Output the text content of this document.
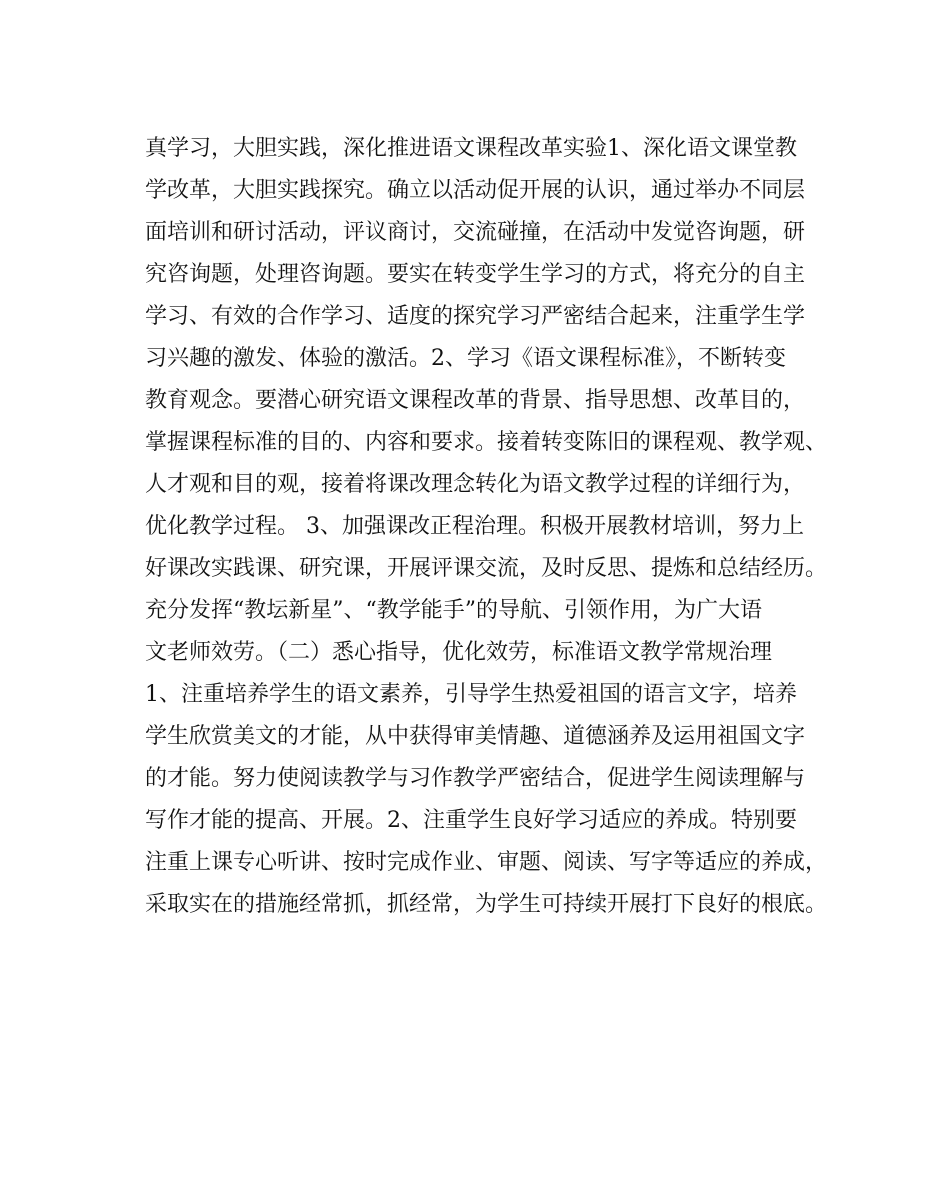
真学习，大胆实践，深化推进语文课程改革实验1、深化语文课堂教
学改革，大胆实践探究。确立以活动促开展的认识，通过举办不同层
面培训和研讨活动，评议商讨，交流碰撞，在活动中发觉咨询题，研
究咨询题，处理咨询题。要实在转变学生学习的方式，将充分的自主
学习、有效的合作学习、适度的探究学习严密结合起来，注重学生学
习兴趣的激发、体验的激活。2、学习《语文课程标准》，不断转变
教育观念。要潜心研究语文课程改革的背景、指导思想、改革目的，
掌握课程标准的目的、内容和要求。接着转变陈旧的课程观、教学观、
人才观和目的观，接着将课改理念转化为语文教学过程的详细行为，
优化教学过程。 3、加强课改正程治理。积极开展教材培训，努力上
好课改实践课、研究课，开展评课交流，及时反思、提炼和总结经历。
充分发挥“教坛新星”、“教学能手”的导航、引领作用，为广大语
文老师效劳。（二）悉心指导，优化效劳，标准语文教学常规治理
1、注重培养学生的语文素养，引导学生热爱祖国的语言文字，培养
学生欣赏美文的才能，从中获得审美情趣、道德涵养及运用祖国文字
的才能。努力使阅读教学与习作教学严密结合，促进学生阅读理解与
写作才能的提高、开展。2、注重学生良好学习适应的养成。特别要
注重上课专心听讲、按时完成作业、审题、阅读、写字等适应的养成，
采取实在的措施经常抓，抓经常，为学生可持续开展打下良好的根底。
